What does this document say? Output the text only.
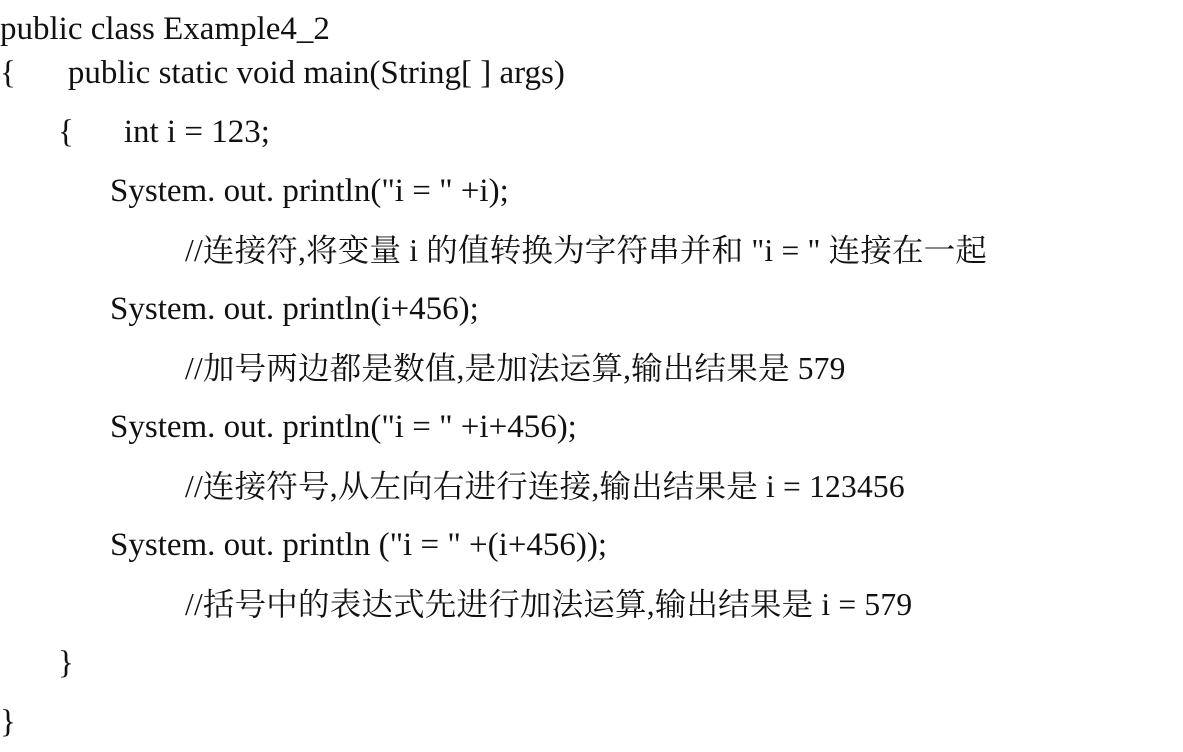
public class Example4_2
{ public static void main(String[ ] args)
{ int i = 123;
System. out. println("i = " +i);
//连接符,将变量 i 的值转换为字符串并和 "i = " 连接在一起
System. out. println(i+456);
//加号两边都是数值,是加法运算,输出结果是 579
System. out. println("i = " +i+456);
//连接符号,从左向右进行连接,输出结果是 i = 123456
System. out. println ("i = " +(i+456));
//括号中的表达式先进行加法运算,输出结果是 i = 579
}
}
